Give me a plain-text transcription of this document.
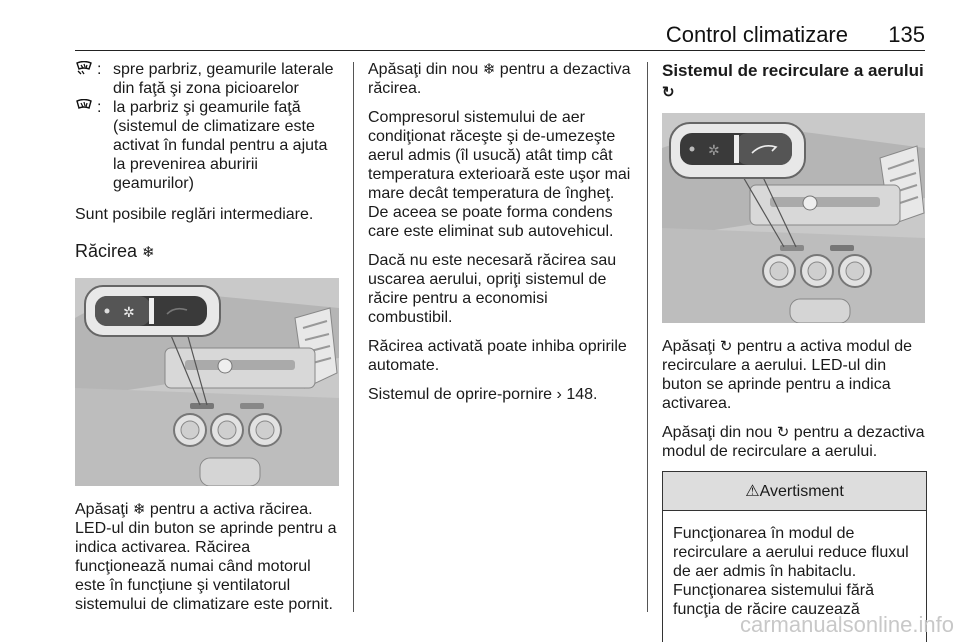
Control climatizare 135
: spre parbriz, geamurile laterale din faţă şi zona picioarelor
: la parbriz şi geamurile faţă (sistemul de climatizare este activat în fundal pentru a ajuta la prevenirea aburirii geamurilor)

Sunt posibile reglări intermediare.

Răcirea ❄
✲

Apăsaţi ❄ pentru a activa răcirea. LED-ul din buton se aprinde pentru a indica activarea. Răcirea funcţionează numai când motorul este în funcţiune şi ventilatorul sistemului de climatizare este pornit.

Apăsaţi din nou ❄ pentru a dezactiva răcirea.

Compresorul sistemului de aer condiţionat răceşte şi de-umezeşte aerul admis (îl usucă) atât timp cât temperatura exterioară este uşor mai mare decât temperatura de îngheţ. De aceea se poate forma condens care este eliminat sub autovehicul.

Dacă nu este necesară răcirea sau uscarea aerului, opriţi sistemul de răcire pentru a economisi combustibil.

Răcirea activată poate inhiba opririle automate.

Sistemul de oprire-pornire › 148.

Sistemul de recirculare a aerului ↻
✲

Apăsaţi ↻ pentru a activa modul de recirculare a aerului. LED-ul din buton se aprinde pentru a indica activarea.

Apăsaţi din nou ↻ pentru a dezactiva modul de recirculare a aerului.

⚠Avertisment
Funcţionarea în modul de recirculare a aerului reduce fluxul de aer admis în habitaclu. Funcţionarea sistemului fără funcţia de răcire cauzează
carmanualsonline.info
